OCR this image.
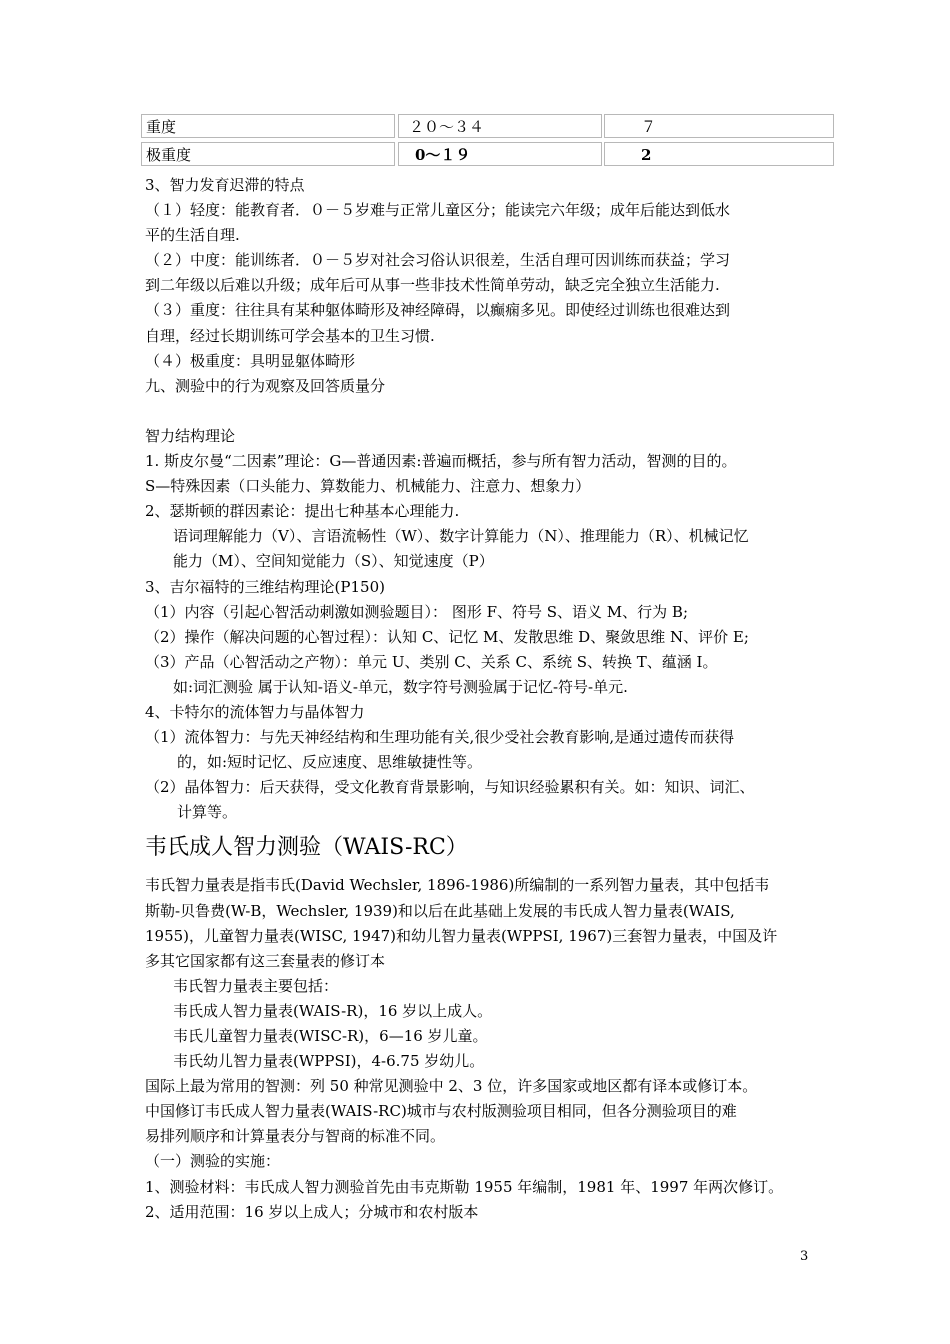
重度	２０～３４	７
极重度	0～１９	2
3、智力发育迟滞的特点
（１）轻度：能教育者．０－５岁难与正常儿童区分；能读完六年级；成年后能达到低水
平的生活自理.
（２）中度：能训练者．０－５岁对社会习俗认识很差，生活自理可因训练而获益；学习
到二年级以后难以升级；成年后可从事一些非技术性简单劳动，缺乏完全独立生活能力.
（３）重度：往往具有某种躯体畸形及神经障碍，以癫痫多见。即使经过训练也很难达到
自理，经过长期训练可学会基本的卫生习惯.
（４）极重度：具明显躯体畸形
九、测验中的行为观察及回答质量分
智力结构理论
1. 斯皮尔曼“二因素”理论：G—普通因素:普遍而概括，参与所有智力活动，智测的目的。
S—特殊因素（口头能力、算数能力、机械能力、注意力、想象力）
2、瑟斯顿的群因素论：提出七种基本心理能力.
语词理解能力（V）、言语流畅性（W）、数字计算能力（N）、推理能力（R）、机械记忆
能力（M）、空间知觉能力（S）、知觉速度（P）
3、吉尔福特的三维结构理论(P150)
（1）内容（引起心智活动刺激如测验题目）： 图形 F、符号 S、语义 M、行为 B;
（2）操作（解决问题的心智过程）：认知 C、记忆 M、发散思维 D、聚敛思维 N、评价 E;
（3）产品（心智活动之产物）：单元 U、类别 C、关系 C、系统 S、转换 T、蕴涵 I。
如:词汇测验 属于认知-语义-单元，数字符号测验属于记忆-符号-单元.
4、卡特尔的流体智力与晶体智力
（1）流体智力：与先天神经结构和生理功能有关,很少受社会教育影响,是通过遗传而获得
的，如:短时记忆、反应速度、思维敏捷性等。
（2）晶体智力：后天获得，受文化教育背景影响，与知识经验累积有关。如：知识、词汇、
计算等。
韦氏成人智力测验（WAIS-RC）
韦氏智力量表是指韦氏(David Wechsler, 1896-1986)所编制的一系列智力量表，其中包括韦
斯勒-贝鲁费(W-B，Wechsler, 1939)和以后在此基础上发展的韦氏成人智力量表(WAIS,
1955)，儿童智力量表(WISC, 1947)和幼儿智力量表(WPPSI, 1967)三套智力量表，中国及许
多其它国家都有这三套量表的修订本
韦氏智力量表主要包括：
韦氏成人智力量表(WAIS-R)，16 岁以上成人。
韦氏儿童智力量表(WISC-R)，6—16 岁儿童。
韦氏幼儿智力量表(WPPSI)，4-6.75 岁幼儿。
国际上最为常用的智测：列 50 种常见测验中 2、3 位，许多国家或地区都有译本或修订本。
中国修订韦氏成人智力量表(WAIS-RC)城市与农村版测验项目相同，但各分测验项目的难
易排列顺序和计算量表分与智商的标准不同。
（一）测验的实施：
1、测验材料：韦氏成人智力测验首先由韦克斯勒 1955 年编制，1981 年、1997 年两次修订。
2、适用范围：16 岁以上成人；分城市和农村版本
3
